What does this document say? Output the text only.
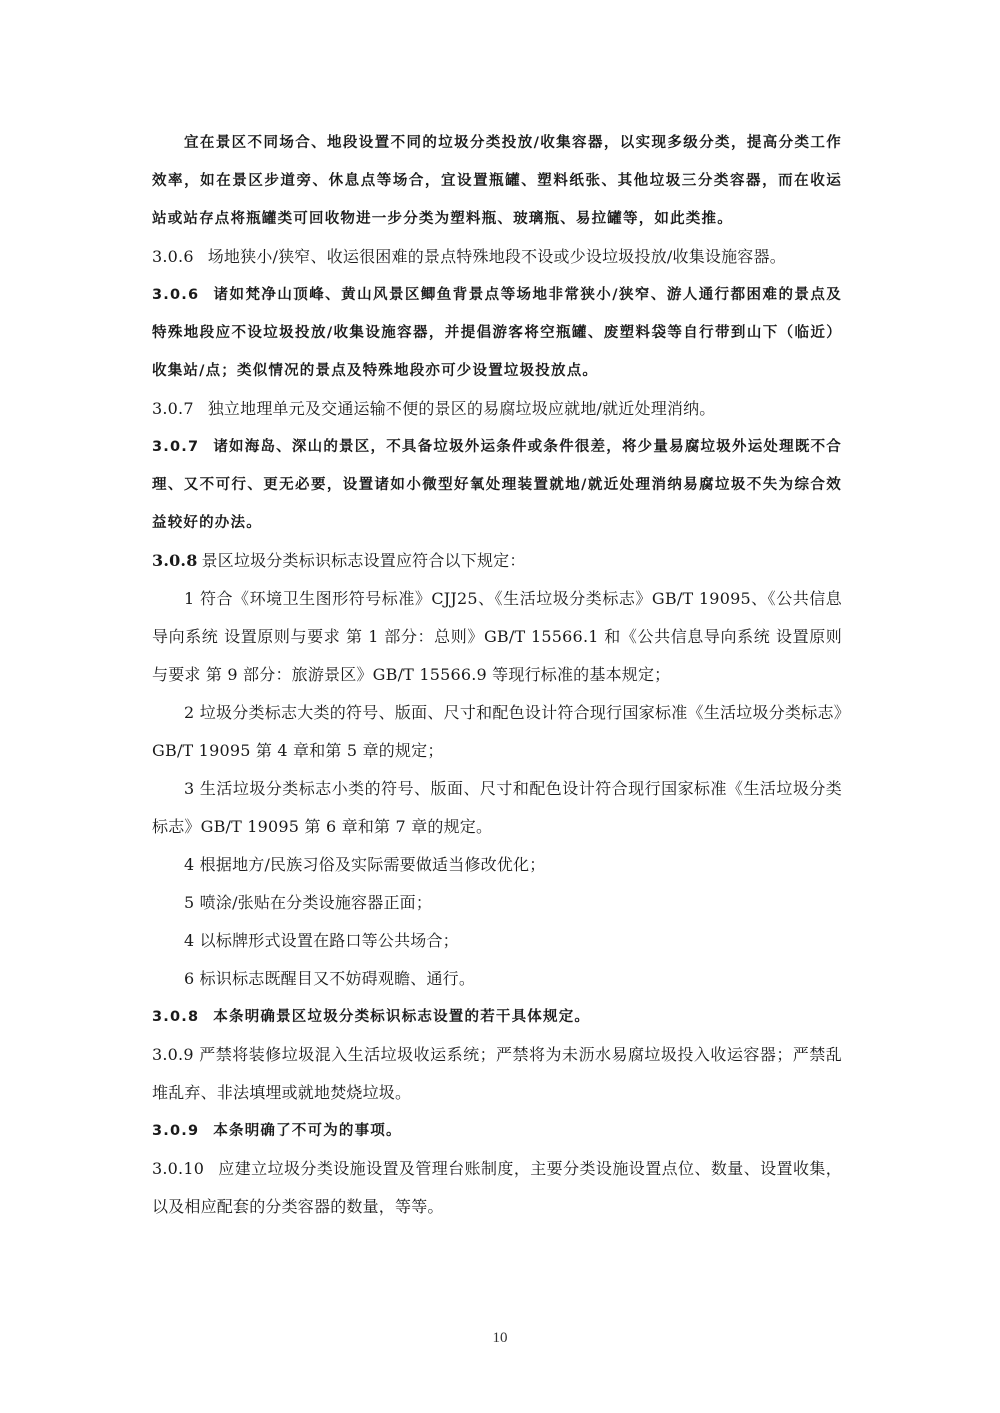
宜在景区不同场合、地段设置不同的垃圾分类投放/收集容器，以实现多级分类，提高分类工作效率，如在景区步道旁、休息点等场合，宜设置瓶罐、塑料纸张、其他垃圾三分类容器，而在收运站或站存点将瓶罐类可回收物进一步分类为塑料瓶、玻璃瓶、易拉罐等，如此类推。

3.0.6 场地狭小/狭窄、收运很困难的景点特殊地段不设或少设垃圾投放/收集设施容器。

3.0.6 诸如梵净山顶峰、黄山风景区鲫鱼背景点等场地非常狭小/狭窄、游人通行都困难的景点及特殊地段应不设垃圾投放/收集设施容器，并提倡游客将空瓶罐、废塑料袋等自行带到山下（临近）收集站/点；类似情况的景点及特殊地段亦可少设置垃圾投放点。

3.0.7 独立地理单元及交通运输不便的景区的易腐垃圾应就地/就近处理消纳。

3.0.7 诸如海岛、深山的景区，不具备垃圾外运条件或条件很差，将少量易腐垃圾外运处理既不合理、又不可行、更无必要，设置诸如小微型好氧处理装置就地/就近处理消纳易腐垃圾不失为综合效益较好的办法。

3.0.8 景区垃圾分类标识标志设置应符合以下规定：

1 符合《环境卫生图形符号标准》CJJ25、《生活垃圾分类标志》GB/T 19095、《公共信息导向系统 设置原则与要求 第 1 部分：总则》GB/T 15566.1 和《公共信息导向系统 设置原则与要求 第 9 部分：旅游景区》GB/T 15566.9 等现行标准的基本规定；

2 垃圾分类标志大类的符号、版面、尺寸和配色设计符合现行国家标准《生活垃圾分类标志》GB/T 19095 第 4 章和第 5 章的规定；

3 生活垃圾分类标志小类的符号、版面、尺寸和配色设计符合现行国家标准《生活垃圾分类标志》GB/T 19095 第 6 章和第 7 章的规定。

4 根据地方/民族习俗及实际需要做适当修改优化；

5 喷涂/张贴在分类设施容器正面；

4 以标牌形式设置在路口等公共场合；

6 标识标志既醒目又不妨碍观瞻、通行。

3.0.8 本条明确景区垃圾分类标识标志设置的若干具体规定。

3.0.9 严禁将装修垃圾混入生活垃圾收运系统；严禁将为未沥水易腐垃圾投入收运容器；严禁乱堆乱弃、非法填埋或就地焚烧垃圾。

3.0.9 本条明确了不可为的事项。

3.0.10 应建立垃圾分类设施设置及管理台账制度，主要分类设施设置点位、数量、设置收集，以及相应配套的分类容器的数量，等等。

10
